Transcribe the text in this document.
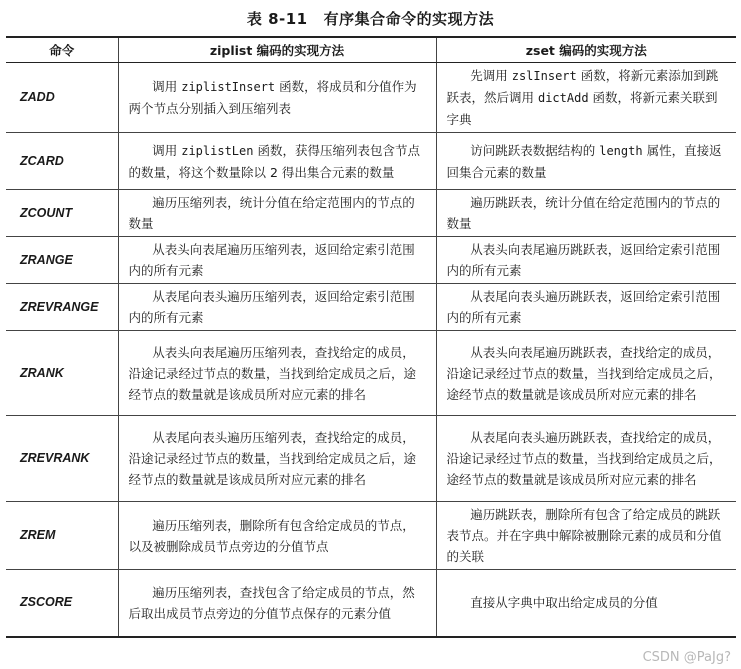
表 8-11 有序集合命令的实现方法
命令	ziplist 编码的实现方法	zset 编码的实现方法
ZADD	调用 ziplistInsert 函数，将成员和分值作为两个节点分别插入到压缩列表	先调用 zslInsert 函数，将新元素添加到跳跃表，然后调用 dictAdd 函数，将新元素关联到字典
ZCARD	调用 ziplistLen 函数，获得压缩列表包含节点的数量，将这个数量除以 2 得出集合元素的数量	访问跳跃表数据结构的 length 属性，直接返回集合元素的数量
ZCOUNT	遍历压缩列表，统计分值在给定范围内的节点的数量	遍历跳跃表，统计分值在给定范围内的节点的数量
ZRANGE	从表头向表尾遍历压缩列表，返回给定索引范围内的所有元素	从表头向表尾遍历跳跃表，返回给定索引范围内的所有元素
ZREVRANGE	从表尾向表头遍历压缩列表，返回给定索引范围内的所有元素	从表尾向表头遍历跳跃表，返回给定索引范围内的所有元素
ZRANK	从表头向表尾遍历压缩列表，查找给定的成员，沿途记录经过节点的数量，当找到给定成员之后，途经节点的数量就是该成员所对应元素的排名	从表头向表尾遍历跳跃表，查找给定的成员，沿途记录经过节点的数量，当找到给定成员之后，途经节点的数量就是该成员所对应元素的排名
ZREVRANK	从表尾向表头遍历压缩列表，查找给定的成员，沿途记录经过节点的数量，当找到给定成员之后，途经节点的数量就是该成员所对应元素的排名	从表尾向表头遍历跳跃表，查找给定的成员，沿途记录经过节点的数量，当找到给定成员之后，途经节点的数量就是该成员所对应元素的排名
ZREM	遍历压缩列表，删除所有包含给定成员的节点，以及被删除成员节点旁边的分值节点	遍历跳跃表，删除所有包含了给定成员的跳跃表节点。并在字典中解除被删除元素的成员和分值的关联
ZSCORE	遍历压缩列表，查找包含了给定成员的节点，然后取出成员节点旁边的分值节点保存的元素分值	直接从字典中取出给定成员的分值
CSDN @PaJg?
